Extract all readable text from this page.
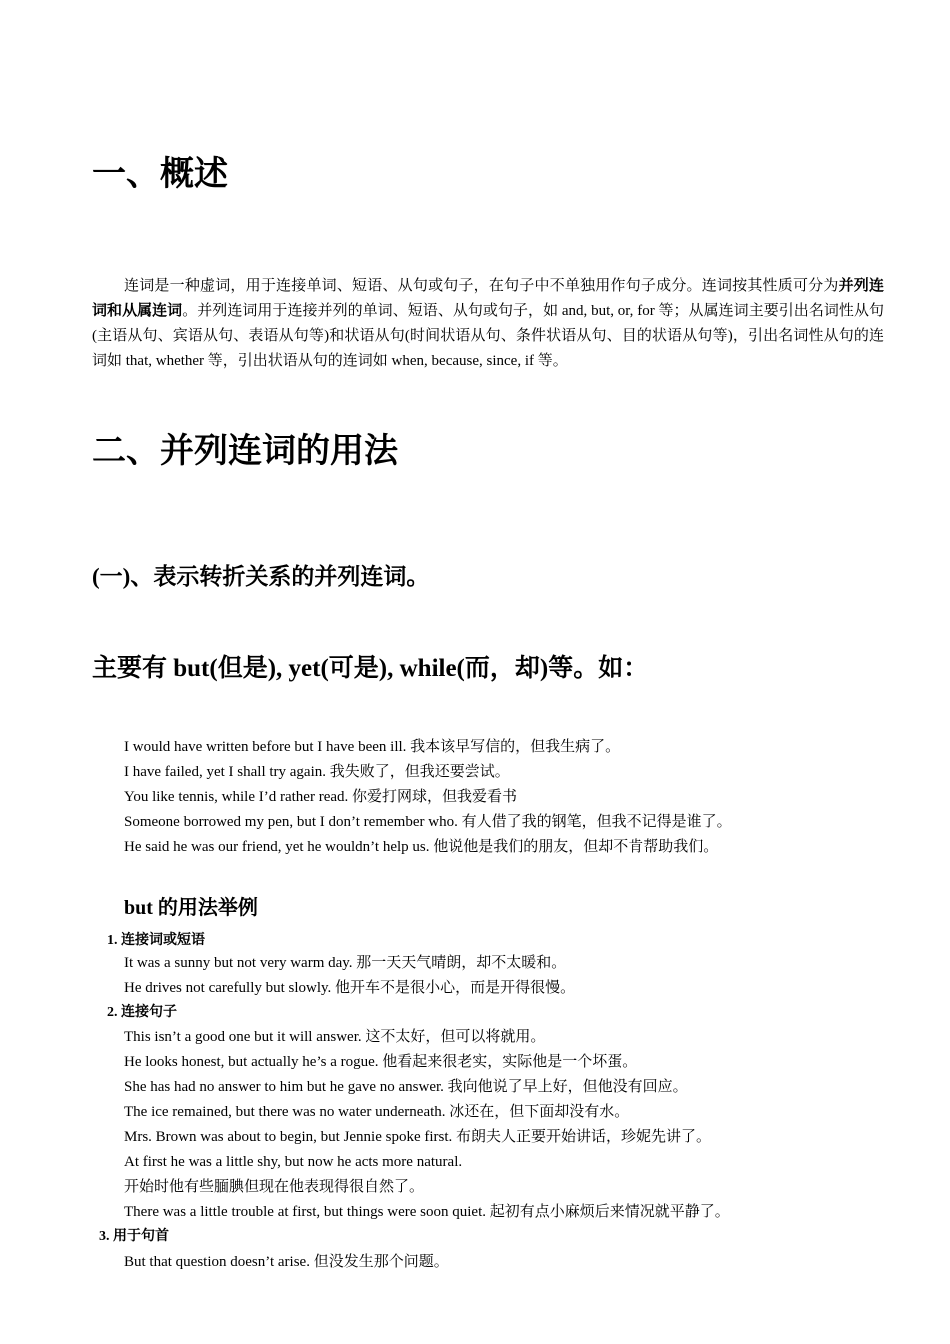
一、概述
连词是一种虚词，用于连接单词、短语、从句或句子，在句子中不单独用作句子成分。连词按其性质可分为并列连词和从属连词。并列连词用于连接并列的单词、短语、从句或句子，如 and, but, or, for 等；从属连词主要引出名词性从句(主语从句、宾语从句、表语从句等)和状语从句(时间状语从句、条件状语从句、目的状语从句等)，引出名词性从句的连词如 that, whether 等，引出状语从句的连词如 when, because, since, if 等。
二、并列连词的用法
(一)、表示转折关系的并列连词。
主要有 but(但是), yet(可是), while(而，却)等。如：
I would have written before but I have been ill. 我本该早写信的，但我生病了。
I have failed, yet I shall try again. 我失败了，但我还要尝试。
You like tennis, while I’d rather read. 你爱打网球，但我爱看书
Someone borrowed my pen, but I don’t remember who. 有人借了我的钢笔，但我不记得是谁了。
He said he was our friend, yet he wouldn’t help us. 他说他是我们的朋友，但却不肯帮助我们。
but 的用法举例
1. 连接词或短语
It was a sunny but not very warm day. 那一天天气晴朗，却不太暖和。
He drives not carefully but slowly. 他开车不是很小心，而是开得很慢。
2. 连接句子
This isn’t a good one but it will answer. 这不太好，但可以将就用。
He looks honest, but actually he’s a rogue. 他看起来很老实，实际他是一个坏蛋。
She has had no answer to him but he gave no answer. 我向他说了早上好，但他没有回应。
The ice remained, but there was no water underneath. 冰还在，但下面却没有水。
Mrs. Brown was about to begin, but Jennie spoke first. 布朗夫人正要开始讲话，珍妮先讲了。
At first he was a little shy, but now he acts more natural.
开始时他有些腼腆但现在他表现得很自然了。
There was a little trouble at first, but things were soon quiet. 起初有点小麻烦后来情况就平静了。
3. 用于句首
But that question doesn’t arise. 但没发生那个问题。
